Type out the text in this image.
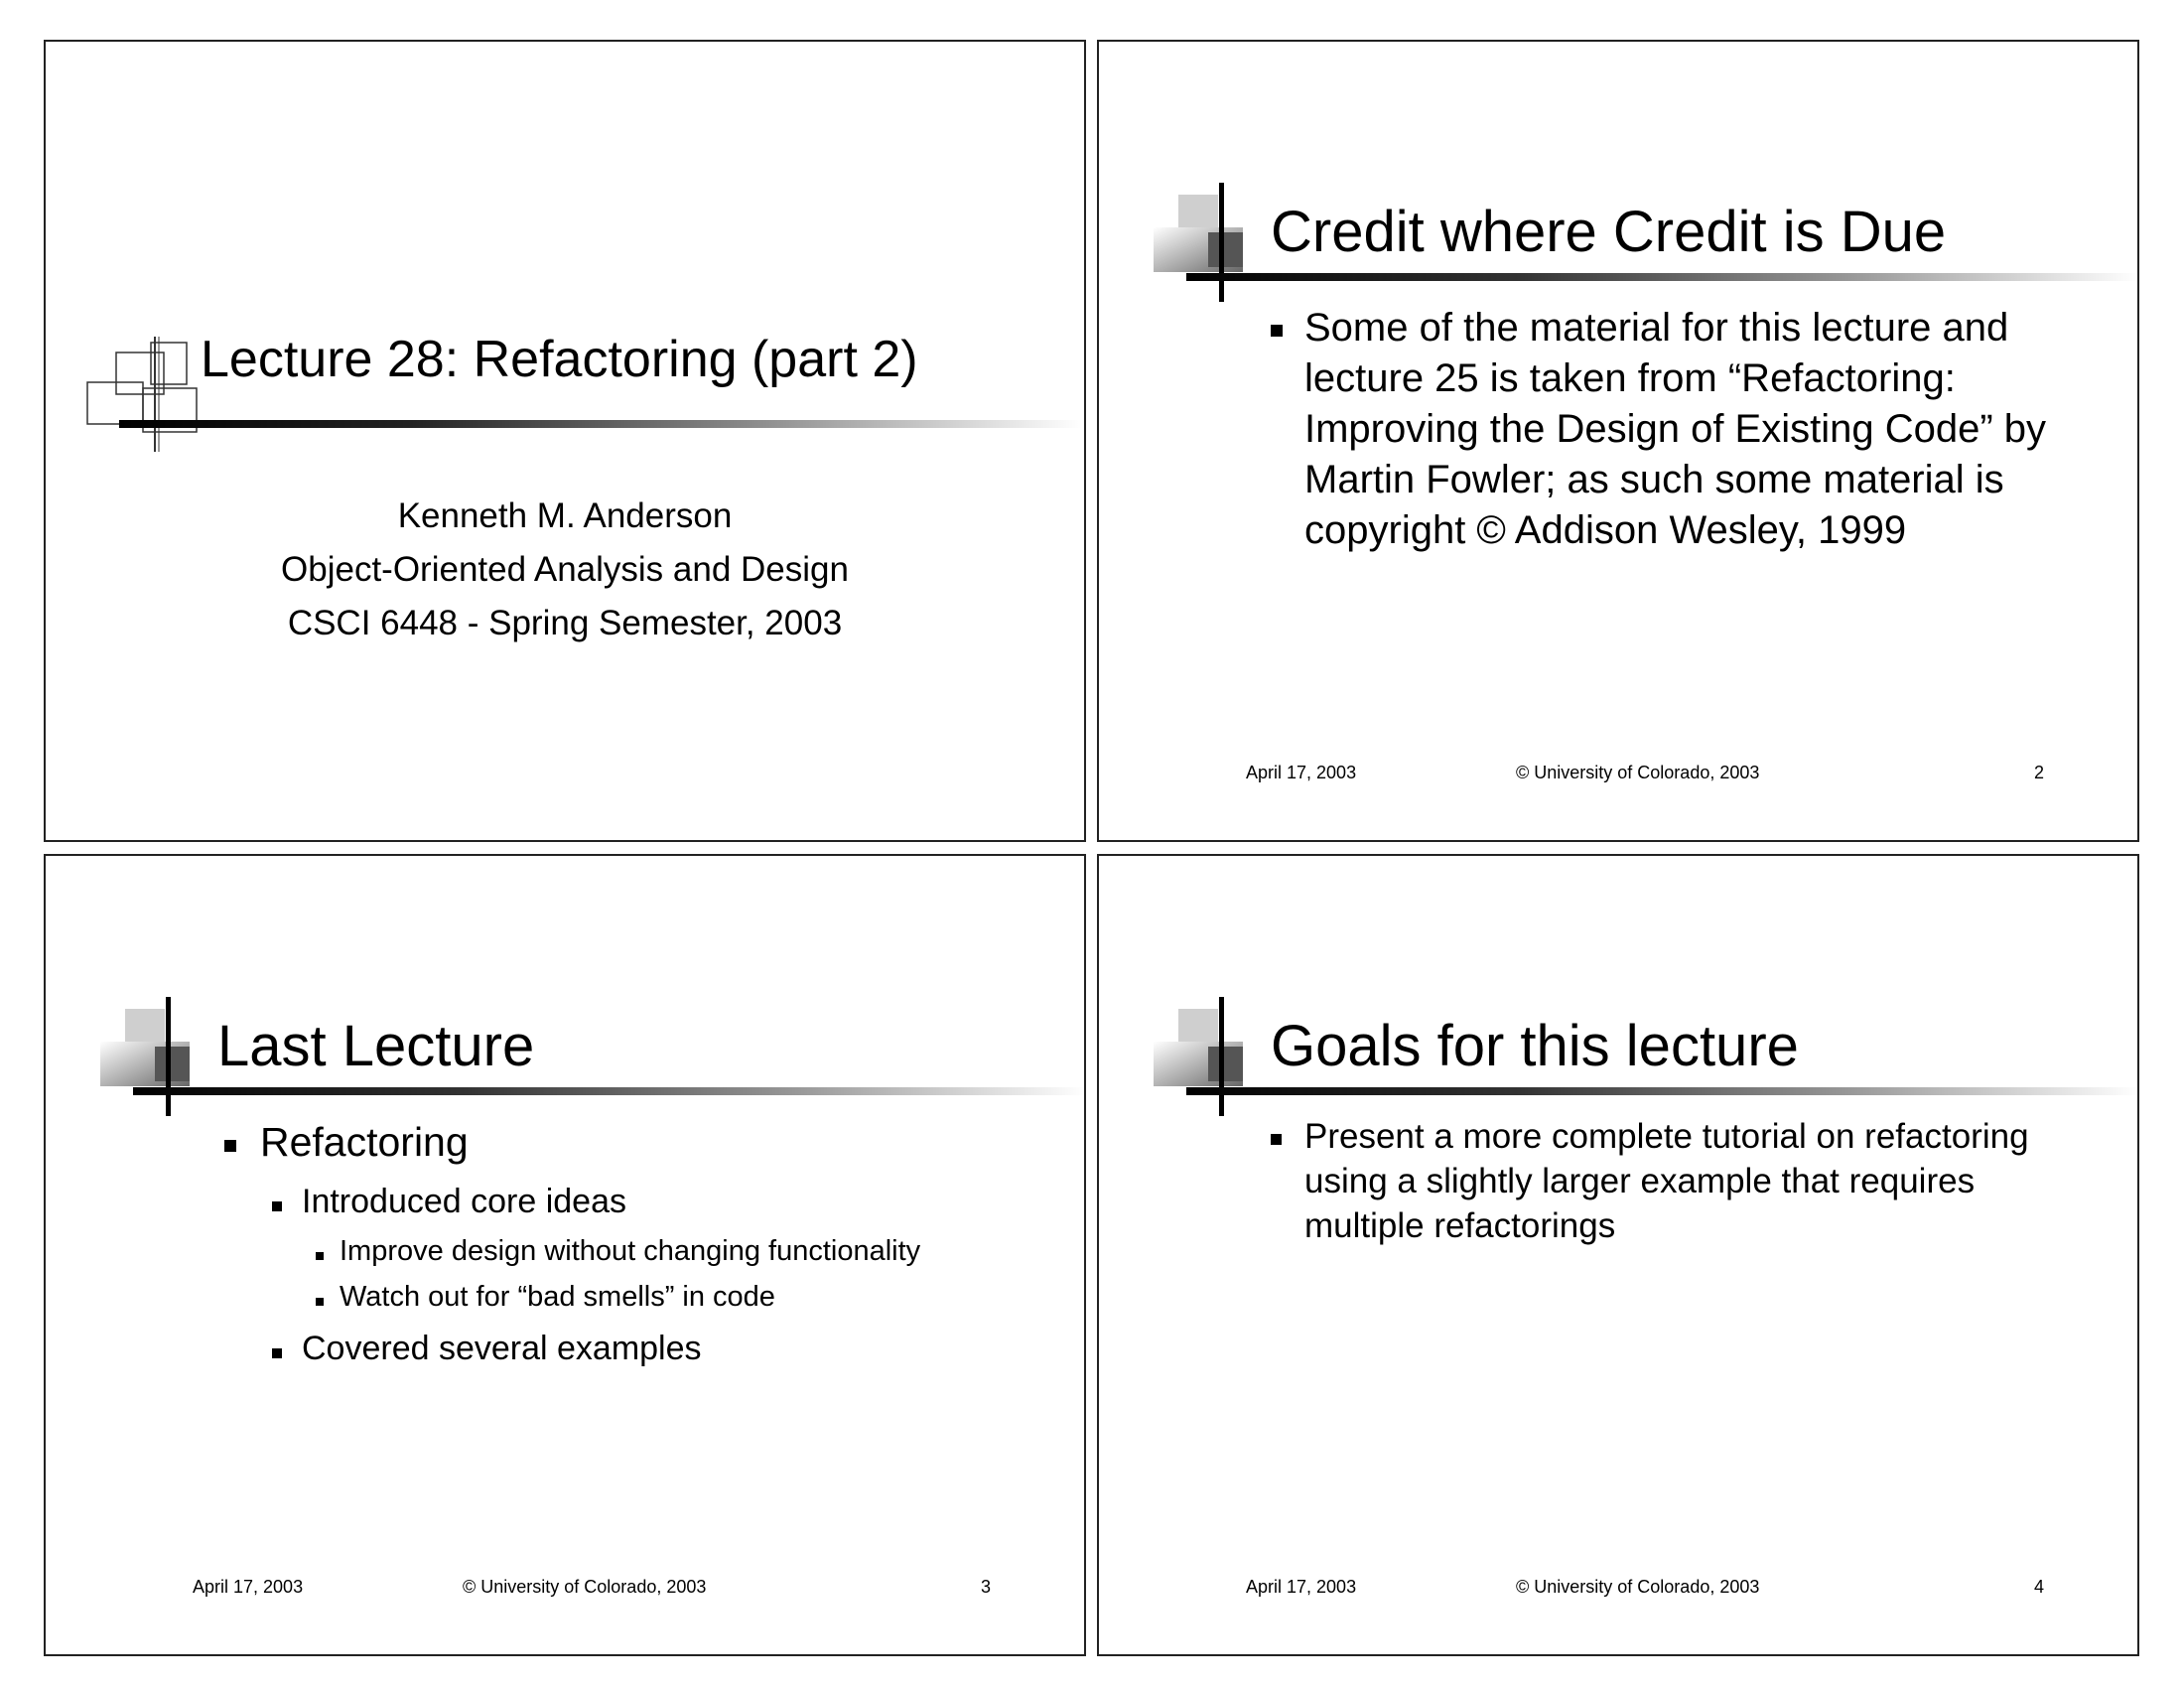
Lecture 28: Refactoring (part 2)
Kenneth M. Anderson
Object-Oriented Analysis and Design
CSCI 6448 - Spring Semester, 2003
Credit where Credit is Due
Some of the material for this lecture and lecture 25 is taken from “Refactoring: Improving the Design of Existing Code” by Martin Fowler; as such some material is copyright © Addison Wesley, 1999
April 17, 2003	© University of Colorado, 2003	2
Last Lecture
Refactoring
Introduced core ideas
Improve design without changing functionality
Watch out for “bad smells” in code
Covered several examples
April 17, 2003	© University of Colorado, 2003	3
Goals for this lecture
Present a more complete tutorial on refactoring using a slightly larger example that requires multiple refactorings
April 17, 2003	© University of Colorado, 2003	4
